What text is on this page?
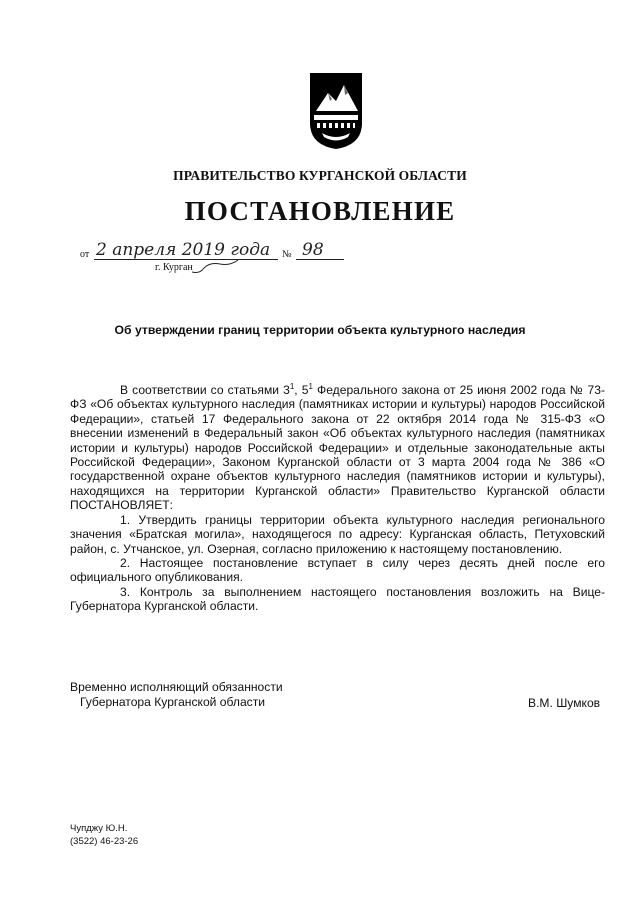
ПРАВИТЕЛЬСТВО КУРГАНСКОЙ ОБЛАСТИ
ПОСТАНОВЛЕНИЕ
от 2 апреля 2019 года № 98
г. Курган
Об утверждении границ территории объекта культурного наследия

В соответствии со статьями $3^1$, $5^1$ Федерального закона от 25 июня 2002 года № 73-ФЗ «Об объектах культурного наследия (памятниках истории и культуры) народов Российской Федерации», статьей 17 Федерального закона от 22 октября 2014 года № 315-ФЗ «О внесении изменений в Федеральный закон «Об объектах культурного наследия (памятниках истории и культуры) народов Российской Федерации» и отдельные законодательные акты Российской Федерации», Законом Курганской области от 3 марта 2004 года № 386 «О государственной охране объектов культурного наследия (памятников истории и культуры), находящихся на территории Курганской области» Правительство Курганской области ПОСТАНОВЛЯЕТ:

1. Утвердить границы территории объекта культурного наследия регионального значения «Братская могила», находящегося по адресу: Курганская область, Петуховский район, с. Утчанское, ул. Озерная, согласно приложению к настоящему постановлению.

2. Настоящее постановление вступает в силу через десять дней после его официального опубликования.

3. Контроль за выполнением настоящего постановления возложить на Вице-Губернатора Курганской области.

Временно исполняющий обязанности
Губернатора Курганской области	В.М. Шумков
Чупджу Ю.Н.
(3522) 46-23-26
